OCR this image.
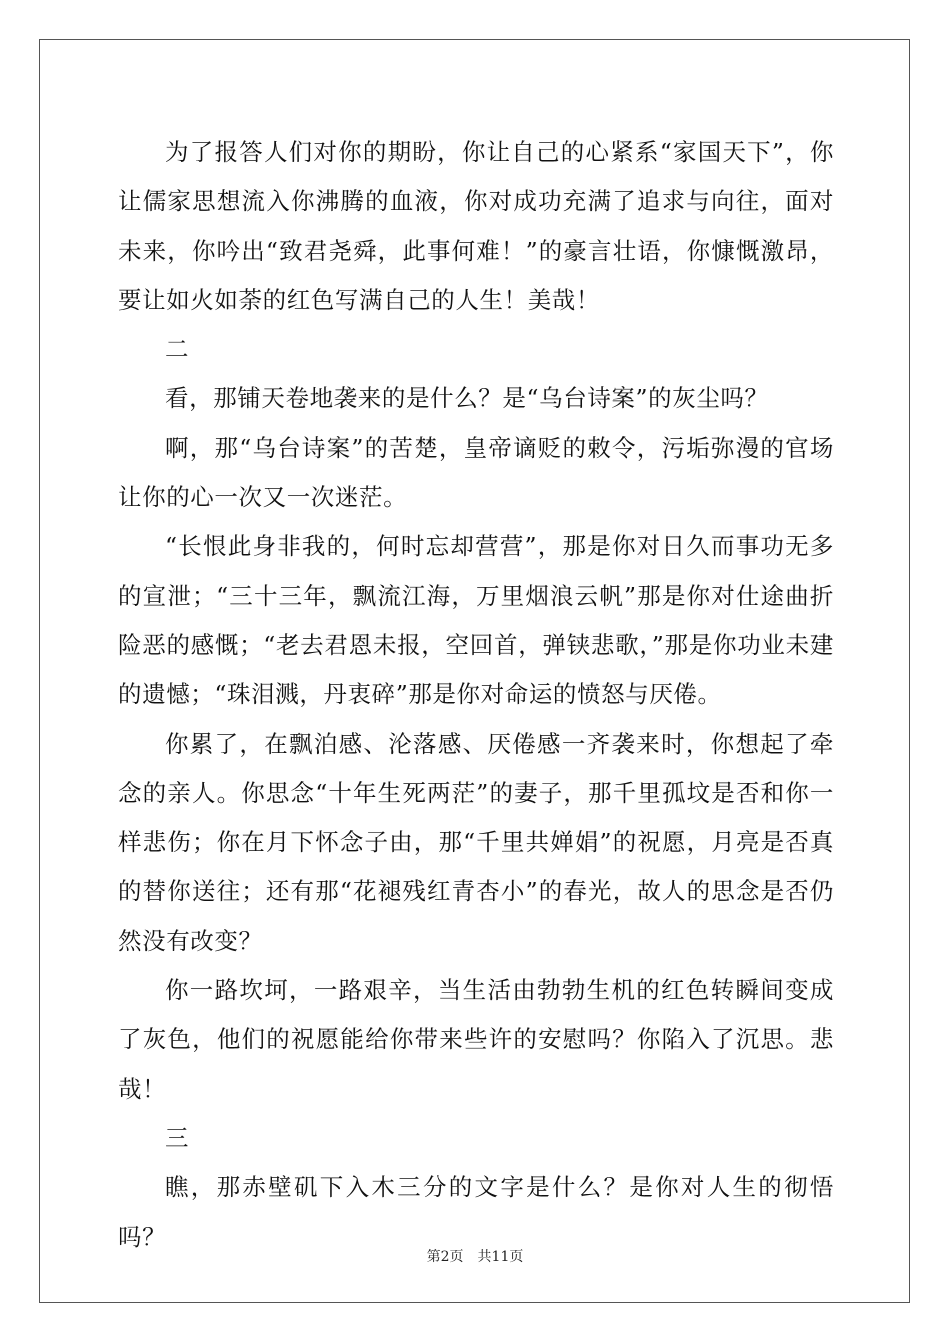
为了报答人们对你的期盼，你让自己的心紧系“家国天下”，你让儒家思想流入你沸腾的血液，你对成功充满了追求与向往，面对未来，你吟出“致君尧舜，此事何难！”的豪言壮语，你慷慨激昂，要让如火如荼的红色写满自己的人生！美哉！

二

看，那铺天卷地袭来的是什么？是“乌台诗案”的灰尘吗？

啊，那“乌台诗案”的苦楚，皇帝谪贬的敕令，污垢弥漫的官场让你的心一次又一次迷茫。

“长恨此身非我的，何时忘却营营”，那是你对日久而事功无多的宣泄；“三十三年，飘流江海，万里烟浪云帆”那是你对仕途曲折险恶的感慨；“老去君恩未报，空回首，弹铗悲歌，”那是你功业未建的遗憾；“珠泪溅，丹衷碎”那是你对命运的愤怒与厌倦。

你累了，在飘泊感、沦落感、厌倦感一齐袭来时，你想起了牵念的亲人。你思念“十年生死两茫”的妻子，那千里孤坟是否和你一样悲伤；你在月下怀念子由，那“千里共婵娟”的祝愿，月亮是否真的替你送往；还有那“花褪残红青杏小”的春光，故人的思念是否仍然没有改变？

你一路坎坷，一路艰辛，当生活由勃勃生机的红色转瞬间变成了灰色，他们的祝愿能给你带来些许的安慰吗？你陷入了沉思。悲哉！

三

瞧，那赤壁矶下入木三分的文字是什么？是你对人生的彻悟吗？

第2页 共11页
